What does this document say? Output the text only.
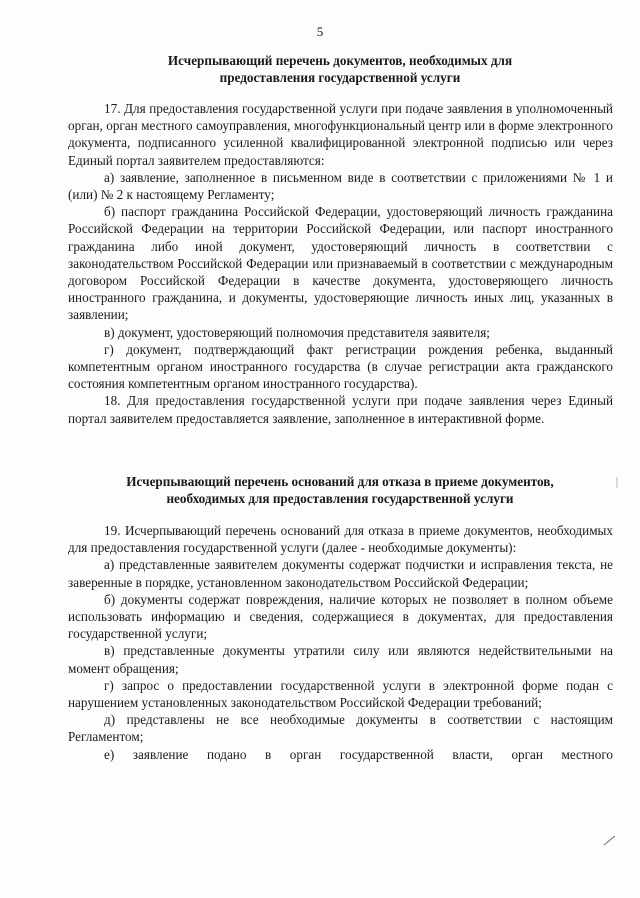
5
Исчерпывающий перечень документов, необходимых для
предоставления государственной услуги

17. Для предоставления государственной услуги при подаче заявления в уполномоченный орган, орган местного самоуправления, многофункциональный центр или в форме электронного документа, подписанного усиленной квалифицированной электронной подписью или через Единый портал заявителем предоставляются:

а) заявление, заполненное в письменном виде в соответствии с приложениями № 1 и (или) № 2 к настоящему Регламенту;

б) паспорт гражданина Российской Федерации, удостоверяющий личность гражданина Российской Федерации на территории Российской Федерации, или паспорт иностранного гражданина либо иной документ, удостоверяющий личность в соответствии с законодательством Российской Федерации или признаваемый в соответствии с международным договором Российской Федерации в качестве документа, удостоверяющего личность иностранного гражданина, и документы, удостоверяющие личность иных лиц, указанных в заявлении;

в) документ, удостоверяющий полномочия представителя заявителя;

г) документ, подтверждающий факт регистрации рождения ребенка, выданный компетентным органом иностранного государства (в случае регистрации акта гражданского состояния компетентным органом иностранного государства).

18. Для предоставления государственной услуги при подаче заявления через Единый портал заявителем предоставляется заявление, заполненное в интерактивной форме.

Исчерпывающий перечень оснований для отказа в приеме документов,
необходимых для предоставления государственной услуги

19. Исчерпывающий перечень оснований для отказа в приеме документов, необходимых для предоставления государственной услуги (далее - необходимые документы):

а) представленные заявителем документы содержат подчистки и исправления текста, не заверенные в порядке, установленном законодательством Российской Федерации;

б) документы содержат повреждения, наличие которых не позволяет в полном объеме использовать информацию и сведения, содержащиеся в документах, для предоставления государственной услуги;

в) представленные документы утратили силу или являются недействительными на момент обращения;

г) запрос о предоставлении государственной услуги в электронной форме подан с нарушением установленных законодательством Российской Федерации требований;

д) представлены не все необходимые документы в соответствии с настоящим Регламентом;

е) заявление подано в орган государственной власти, орган местного
